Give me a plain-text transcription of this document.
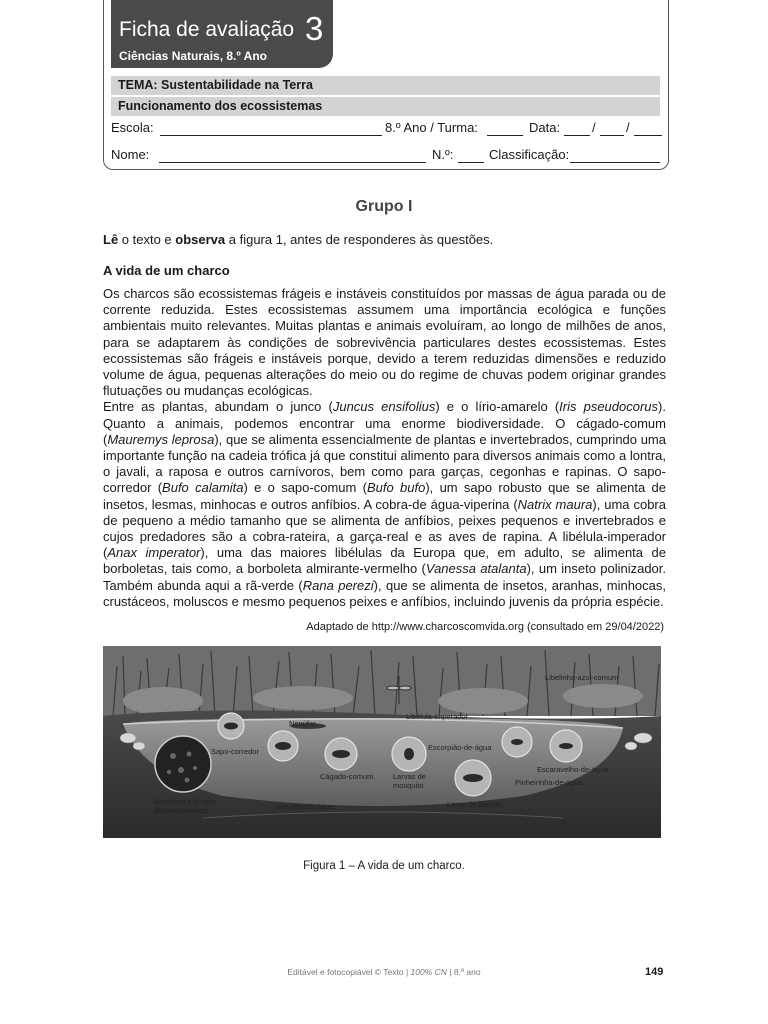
Ficha de avaliação 3
Ciências Naturais, 8.º Ano
TEMA: Sustentabilidade na Terra
Funcionamento dos ecossistemas
Escola:	8.º Ano / Turma:	Data: / /
Nome:	N.º:	Classificação:
Grupo I
Lê o texto e observa a figura 1, antes de responderes às questões.
A vida de um charco

Os charcos são ecossistemas frágeis e instáveis constituídos por massas de água parada ou de corrente reduzida. Estes ecossistemas assumem uma importância ecológica e funções ambientais muito relevantes. Muitas plantas e animais evoluíram, ao longo de milhões de anos, para se adaptarem às condições de sobrevivência particulares destes ecossistemas. Estes ecossistemas são frágeis e instáveis porque, devido a terem reduzidas dimensões e reduzido volume de água, pequenas alterações do meio ou do regime de chuvas podem originar grandes flutuações ou mudanças ecológicas.

Entre as plantas, abundam o junco (Juncus ensifolius) e o lírio-amarelo (Iris pseudocorus). Quanto a animais, podemos encontrar uma enorme biodiversidade. O cágado-comum (Mauremys leprosa), que se alimenta essencialmente de plantas e invertebrados, cumprindo uma importante função na cadeia trófica já que constitui alimento para diversos animais como a lontra, o javali, a raposa e outros carnívoros, bem como para garças, cegonhas e rapinas. O sapo- corredor (Bufo calamita) e o sapo-comum (Bufo bufo), um sapo robusto que se alimenta de insetos, lesmas, minhocas e outros anfíbios. A cobra-de água-viperina (Natrix maura), uma cobra de pequeno a médio tamanho que se alimenta de anfíbios, peixes pequenos e invertebrados e cujos predadores são a cobra-rateira, a garça-real e as aves de rapina. A libélula-imperador (Anax imperator), uma das maiores libélulas da Europa que, em adulto, se alimenta de borboletas, tais como, a borboleta almirante-vermelho (Vanessa atalanta), um inseto polinizador. Também abunda aqui a rã-verde (Rana perezi), que se alimenta de insetos, aranhas, minhocas, crustáceos, moluscos e mesmo pequenos peixes e anfíbios, incluindo juvenis da própria espécie.

Adaptado de http://www.charcoscomvida.org (consultado em 29/04/2022)
Libelinha-azul-comum
Nenúfar
Libélula-imperador
Sapo-corredor	Escorpião-de-água
Escaravelho-de-água
Cágado-comum	Larvas de
mosquito	Pinheirinha-de-água
Bactérias e fungos
decompositores	Serralha-de-água	Larva de libélula
Figura 1 – A vida de um charco.
Editável e fotocopiável © Texto | 100% CN | 8.º ano	149
